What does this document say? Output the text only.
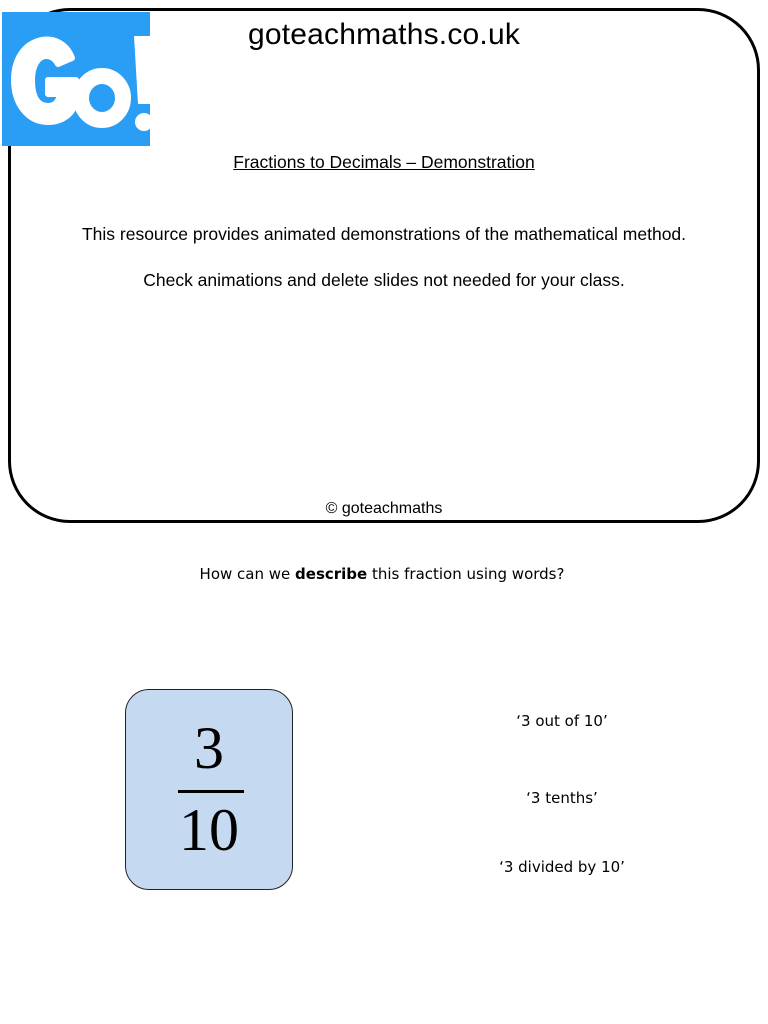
goteachmaths.co.uk
Fractions to Decimals – Demonstration
This resource provides animated demonstrations of the mathematical method.
Check animations and delete slides not needed for your class.
© goteachmaths
How can we describe this fraction using words?
3
10
‘3 out of 10’
‘3 tenths’
‘3 divided by 10’
